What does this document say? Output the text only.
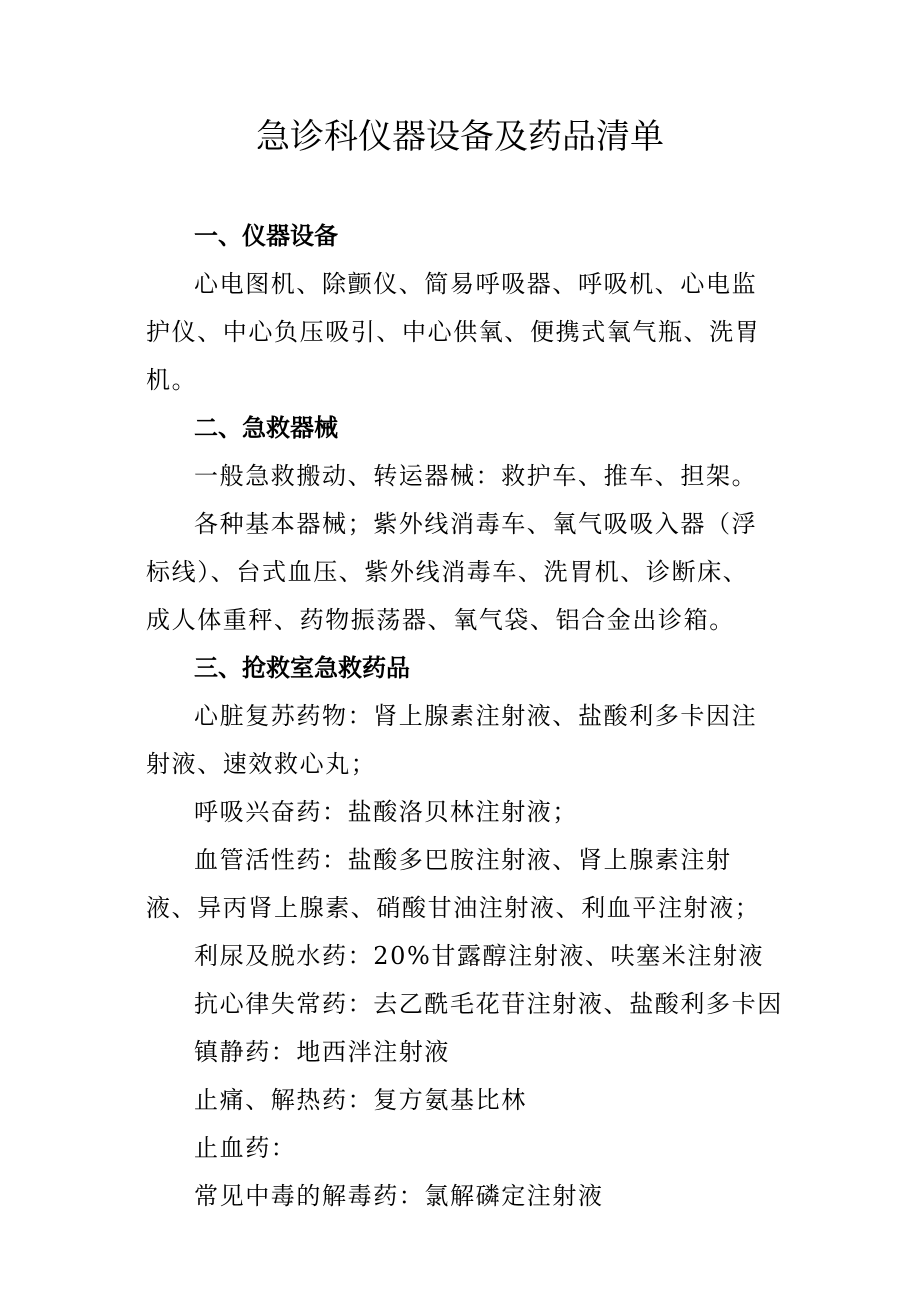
急诊科仪器设备及药品清单

一、仪器设备

心电图机、除颤仪、简易呼吸器、呼吸机、心电监护仪、中心负压吸引、中心供氧、便携式氧气瓶、洗胃机。

二、急救器械

一般急救搬动、转运器械：救护车、推车、担架。

各种基本器械；紫外线消毒车、氧气吸吸入器（浮标线）、台式血压、紫外线消毒车、洗胃机、诊断床、成人体重秤、药物振荡器、氧气袋、铝合金出诊箱。

三、抢救室急救药品

心脏复苏药物：肾上腺素注射液、盐酸利多卡因注射液、速效救心丸；

呼吸兴奋药：盐酸洛贝林注射液；

血管活性药：盐酸多巴胺注射液、肾上腺素注射液、异丙肾上腺素、硝酸甘油注射液、利血平注射液；

利尿及脱水药：20%甘露醇注射液、呋塞米注射液

抗心律失常药：去乙酰毛花苷注射液、盐酸利多卡因

镇静药：地西泮注射液

止痛、解热药：复方氨基比林

止血药：

常见中毒的解毒药：氯解磷定注射液
